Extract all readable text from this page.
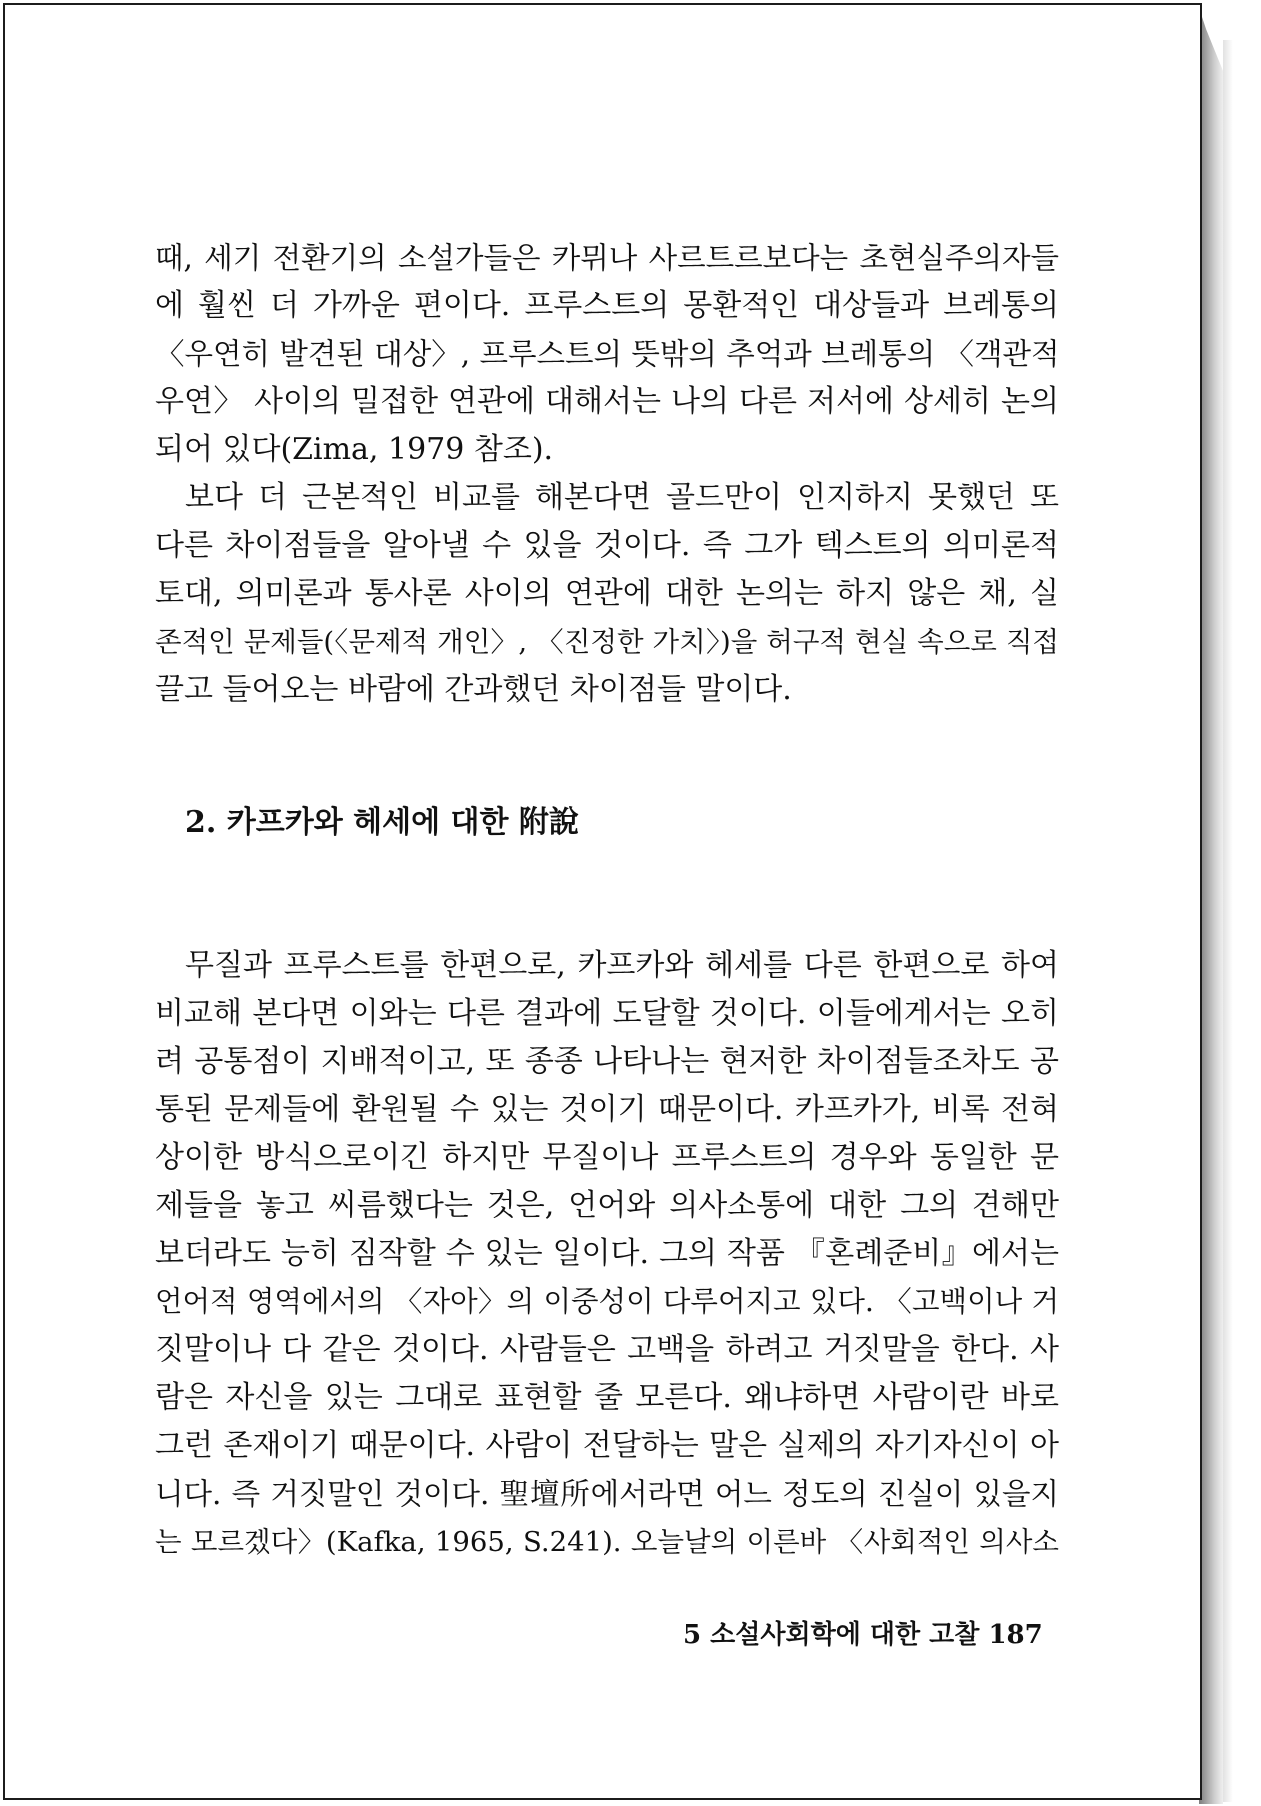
때, 세기 전환기의 소설가들은 카뮈나 사르트르보다는 초현실주의자들
에 훨씬 더 가까운 편이다. 프루스트의 몽환적인 대상들과 브레통의
〈우연히 발견된 대상〉, 프루스트의 뜻밖의 추억과 브레통의 〈객관적
우연〉 사이의 밀접한 연관에 대해서는 나의 다른 저서에 상세히 논의
되어 있다(Zima, 1979 참조).
보다 더 근본적인 비교를 해본다면 골드만이 인지하지 못했던 또
다른 차이점들을 알아낼 수 있을 것이다. 즉 그가 텍스트의 의미론적
토대, 의미론과 통사론 사이의 연관에 대한 논의는 하지 않은 채, 실
존적인 문제들(〈문제적 개인〉, 〈진정한 가치〉)을 허구적 현실 속으로 직접
끌고 들어오는 바람에 간과했던 차이점들 말이다.
2. 카프카와 헤세에 대한 附說
무질과 프루스트를 한편으로, 카프카와 헤세를 다른 한편으로 하여
비교해 본다면 이와는 다른 결과에 도달할 것이다. 이들에게서는 오히
려 공통점이 지배적이고, 또 종종 나타나는 현저한 차이점들조차도 공
통된 문제들에 환원될 수 있는 것이기 때문이다. 카프카가, 비록 전혀
상이한 방식으로이긴 하지만 무질이나 프루스트의 경우와 동일한 문
제들을 놓고 씨름했다는 것은, 언어와 의사소통에 대한 그의 견해만
보더라도 능히 짐작할 수 있는 일이다. 그의 작품 『혼례준비』에서는
언어적 영역에서의 〈자아〉의 이중성이 다루어지고 있다. 〈고백이나 거
짓말이나 다 같은 것이다. 사람들은 고백을 하려고 거짓말을 한다. 사
람은 자신을 있는 그대로 표현할 줄 모른다. 왜냐하면 사람이란 바로
그런 존재이기 때문이다. 사람이 전달하는 말은 실제의 자기자신이 아
니다. 즉 거짓말인 것이다. 聖壇所에서라면 어느 정도의 진실이 있을지
는 모르겠다〉(Kafka, 1965, S.241). 오늘날의 이른바 〈사회적인 의사소
5 소설사회학에 대한 고찰 187
